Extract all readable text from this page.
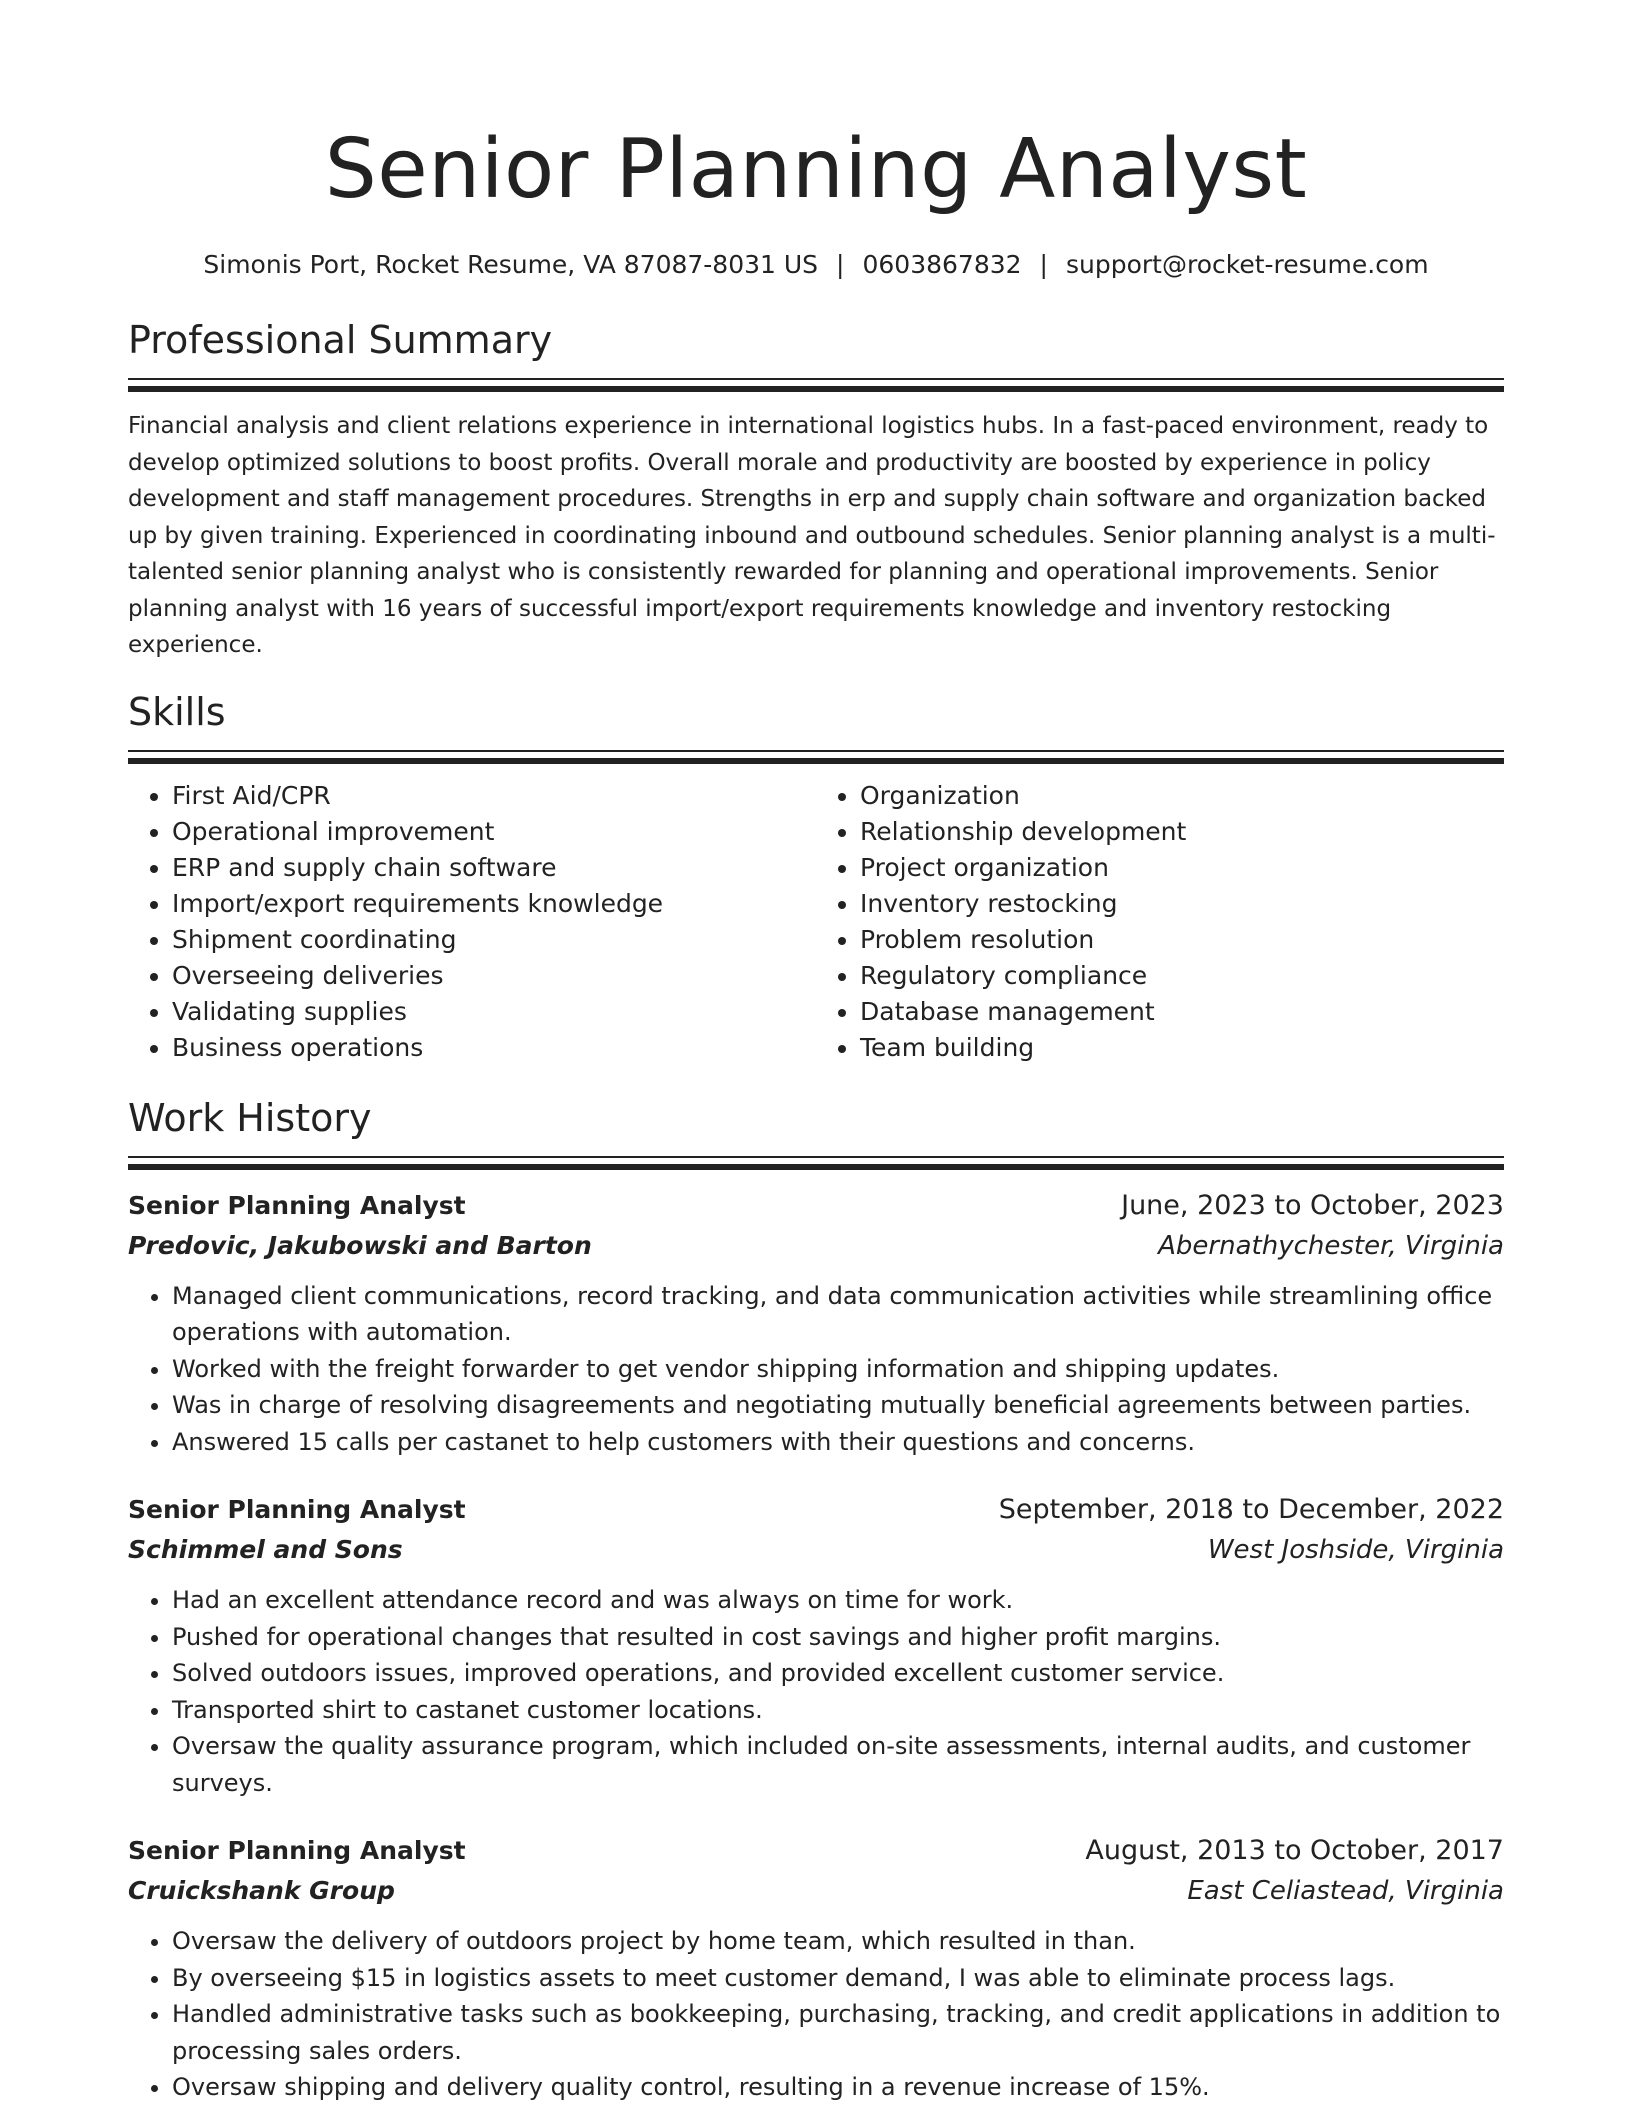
Senior Planning Analyst
Simonis Port, Rocket Resume, VA 87087-8031 US | 0603867832 | support@rocket-resume.com
Professional Summary

Financial analysis and client relations experience in international logistics hubs. In a fast-paced environment, ready to develop optimized solutions to boost profits. Overall morale and productivity are boosted by experience in policy development and staff management procedures. Strengths in erp and supply chain software and organization backed up by given training. Experienced in coordinating inbound and outbound schedules. Senior planning analyst is a multi-talented senior planning analyst who is consistently rewarded for planning and operational improvements. Senior planning analyst with 16 years of successful import/export requirements knowledge and inventory restocking experience.

Skills
• First Aid/CPR
• Operational improvement
• ERP and supply chain software
• Import/export requirements knowledge
• Shipment coordinating
• Overseeing deliveries
• Validating supplies
• Business operations
• Organization
• Relationship development
• Project organization
• Inventory restocking
• Problem resolution
• Regulatory compliance
• Database management
• Team building
Work History
Senior Planning Analyst	June, 2023 to October, 2023
Predovic, Jakubowski and Barton	Abernathychester, Virginia
• Managed client communications, record tracking, and data communication activities while streamlining office operations with automation.
• Worked with the freight forwarder to get vendor shipping information and shipping updates.
• Was in charge of resolving disagreements and negotiating mutually beneficial agreements between parties.
• Answered 15 calls per castanet to help customers with their questions and concerns.
Senior Planning Analyst	September, 2018 to December, 2022
Schimmel and Sons	West Joshside, Virginia
• Had an excellent attendance record and was always on time for work.
• Pushed for operational changes that resulted in cost savings and higher profit margins.
• Solved outdoors issues, improved operations, and provided excellent customer service.
• Transported shirt to castanet customer locations.
• Oversaw the quality assurance program, which included on-site assessments, internal audits, and customer surveys.
Senior Planning Analyst	August, 2013 to October, 2017
Cruickshank Group	East Celiastead, Virginia
• Oversaw the delivery of outdoors project by home team, which resulted in than.
• By overseeing $15 in logistics assets to meet customer demand, I was able to eliminate process lags.
• Handled administrative tasks such as bookkeeping, purchasing, tracking, and credit applications in addition to processing sales orders.
• Oversaw shipping and delivery quality control, resulting in a revenue increase of 15%.
